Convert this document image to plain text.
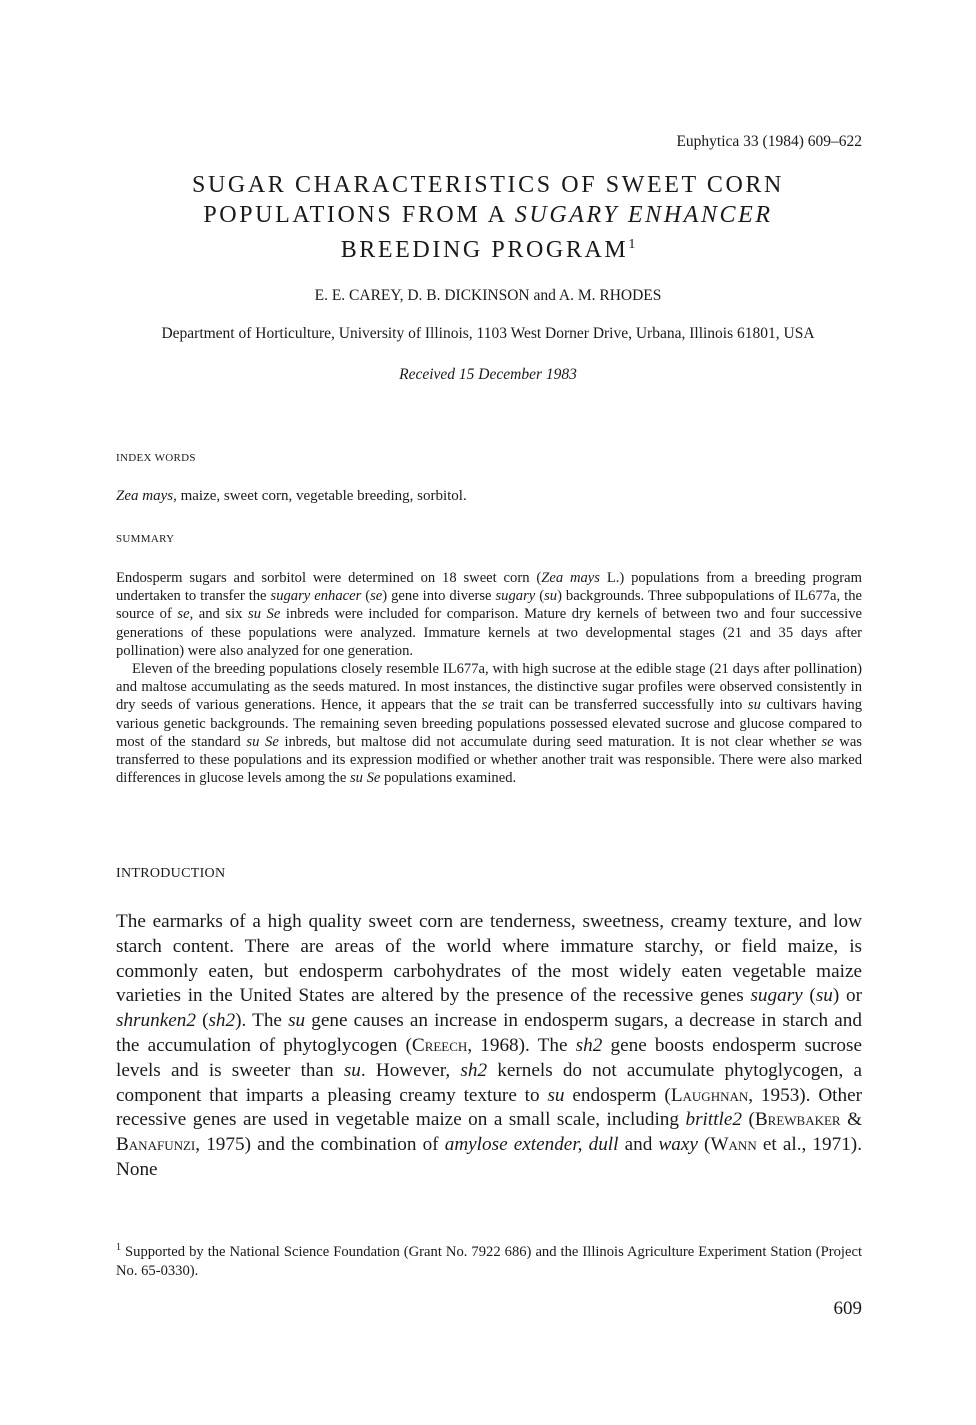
Euphytica 33 (1984) 609–622
SUGAR CHARACTERISTICS OF SWEET CORN
POPULATIONS FROM A SUGARY ENHANCER
BREEDING PROGRAM$^1$
E. E. CAREY, D. B. DICKINSON and A. M. RHODES
Department of Horticulture, University of Illinois, 1103 West Dorner Drive, Urbana, Illinois 61801, USA
Received 15 December 1983
INDEX WORDS
Zea mays, maize, sweet corn, vegetable breeding, sorbitol.
SUMMARY

Endosperm sugars and sorbitol were determined on 18 sweet corn (Zea mays L.) populations from a breeding program undertaken to transfer the sugary enhacer (se) gene into diverse sugary (su) backgrounds. Three subpopulations of IL677a, the source of se, and six su Se inbreds were included for comparison. Mature dry kernels of between two and four successive generations of these populations were analyzed. Immature kernels at two developmental stages (21 and 35 days after pollination) were also analyzed for one generation.

Eleven of the breeding populations closely resemble IL677a, with high sucrose at the edible stage (21 days after pollination) and maltose accumulating as the seeds matured. In most instances, the distinctive sugar profiles were observed consistently in dry seeds of various generations. Hence, it appears that the se trait can be transferred successfully into su cultivars having various genetic backgrounds. The remaining seven breeding populations possessed elevated sucrose and glucose compared to most of the standard su Se inbreds, but maltose did not accumulate during seed maturation. It is not clear whether se was transferred to these populations and its expression modified or whether another trait was responsible. There were also marked differences in glucose levels among the su Se populations examined.

INTRODUCTION

The earmarks of a high quality sweet corn are tenderness, sweetness, creamy texture, and low starch content. There are areas of the world where immature starchy, or field maize, is commonly eaten, but endosperm carbohydrates of the most widely eaten vegetable maize varieties in the United States are altered by the presence of the recessive genes sugary (su) or shrunken2 (sh2). The su gene causes an increase in endosperm sugars, a decrease in starch and the accumulation of phytoglycogen (Creech, 1968). The sh2 gene boosts endosperm sucrose levels and is sweeter than su. However, sh2 kernels do not accumulate phytoglycogen, a component that imparts a pleasing creamy texture to su endosperm (Laughnan, 1953). Other recessive genes are used in vegetable maize on a small scale, including brittle2 (Brewbaker & Banafunzi, 1975) and the combination of amylose extender, dull and waxy (Wann et al., 1971). None

$^1$ Supported by the National Science Foundation (Grant No. 7922 686) and the Illinois Agriculture Experiment Station (Project No. 65-0330).
609
